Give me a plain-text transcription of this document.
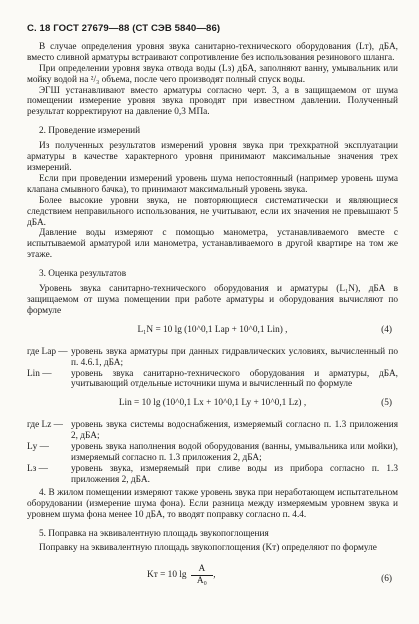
С. 18 ГОСТ 27679—88 (СТ СЭВ 5840—86)

В случае определения уровня звука санитарно-технического оборудования (Lт), дБА, вместо сливной арматуры встраивают сопротивление без использования резинового шланга.

При определении уровня звука отвода воды (Lз) дБА, заполняют ванну, умывальник или мойку водой на ²/₃ объема, после чего производят полный спуск воды.

ЭГШ устанавливают вместо арматуры согласно черт. 3, а в защищаемом от шума помещении измерение уровня звука проводят при известном давлении. Полученный результат корректируют на давление 0,3 МПа.

2. Проведение измерений

Из полученных результатов измерений уровня звука при трехкратной эксплуатации арматуры в качестве характерного уровня принимают максимальные значения трех измерений.

Если при проведении измерений уровень шума непостоянный (например уровень шума клапана смывного бачка), то принимают максимальный уровень звука.

Более высокие уровни звука, не повторяющиеся систематически и являющиеся следствием неправильного использования, не учитывают, если их значения не превышают 5 дБА.

Давление воды измеряют с помощью манометра, устанавливаемого вместе с испытываемой арматурой или манометра, устанавливаемого в другой квартире на том же этаже.

3. Оценка результатов

Уровень звука санитарно-технического оборудования и арматуры (L₁N), дБА в защищаемом от шума помещении при работе арматуры и оборудования вычисляют по формуле

L₁N = 10 lg (10^0,1 Lар + 10^0,1 Lin) ,	(4)
где Lар — уровень звука арматуры при данных гидравлических условиях, вычисленный по п. 4.6.1, дБА;
Lin —	уровень звука санитарно-технического оборудования и арматуры, дБА, учитывающий отдельные источники шума и вычисленный по формуле
Lin = 10 lg (10^0,1 Lx + 10^0,1 Ly + 10^0,1 Lz) ,	(5)
где Lz — уровень звука системы водоснабжения, измеряемый согласно п. 1.3 приложения 2, дБА;
Lу —	уровень звука наполнения водой оборудования (ванны, умывальника или мойки), измеряемый согласно п. 1.3 приложения 2, дБА;
Lз —	уровень звука, измеряемый при сливе воды из прибора согласно п. 1.3 приложения 2, дБА.

4. В жилом помещении измеряют также уровень звука при неработающем испытательном оборудовании (измерение шума фона). Если разница между измеряемым уровнем звука и уровнем шума фона менее 10 дБА, то вводят поправку согласно п. 4.4.

5. Поправка на эквивалентную площадь звукопоглощения

Поправку на эквивалентную площадь звукопоглощения (Kт) определяют по формуле

Kт = 10 $\lg \frac{A}{\text{A₀}}$ ,	(6)
